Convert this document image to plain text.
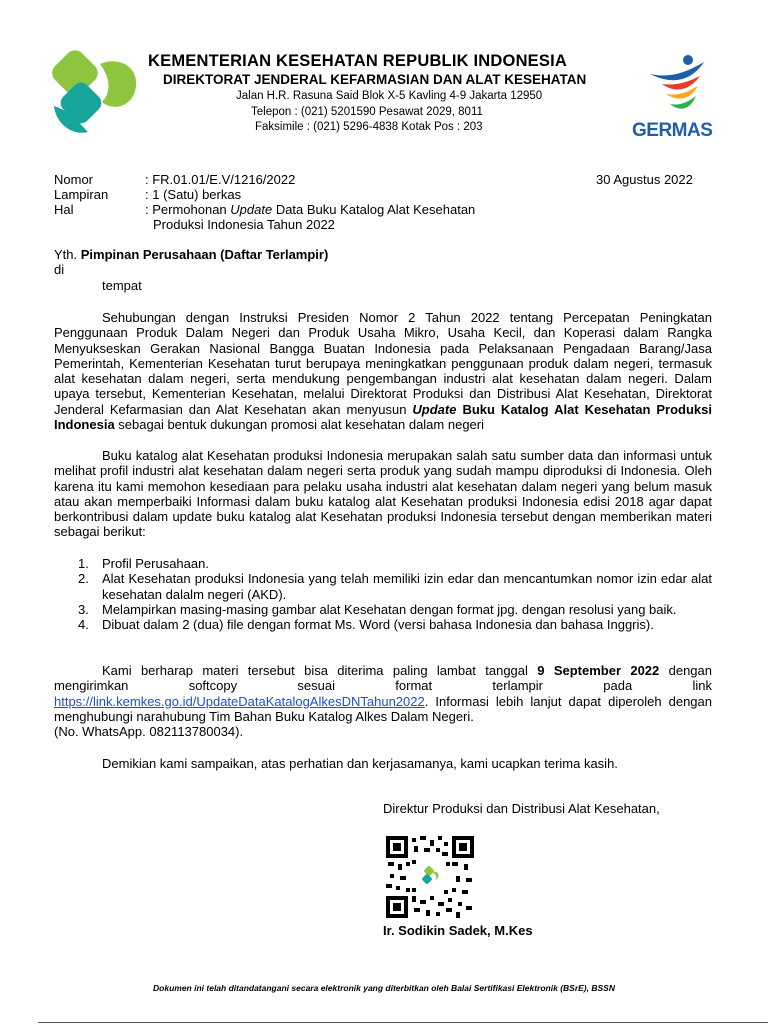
KEMENTERIAN KESEHATAN REPUBLIK INDONESIA
DIREKTORAT JENDERAL KEFARMASIAN DAN ALAT KESEHATAN
Jalan H.R. Rasuna Said Blok X-5 Kavling 4-9 Jakarta 12950
Telepon : (021) 5201590 Pesawat 2029, 8011
Faksimile : (021) 5296-4838 Kotak Pos : 203	GERMAS
Nomor	: FR.01.01/E.V/1216/2022	30 Agustus 2022
Lampiran	: 1 (Satu) berkas
Hal	: Permohonan Update Data Buku Katalog Alat Kesehatan
Produksi Indonesia Tahun 2022
Yth. Pimpinan Perusahaan (Daftar Terlampir)
di
tempat
Sehubungan dengan Instruksi Presiden Nomor 2 Tahun 2022 tentang Percepatan Peningkatan Penggunaan Produk Dalam Negeri dan Produk Usaha Mikro, Usaha Kecil, dan Koperasi dalam Rangka Menyukseskan Gerakan Nasional Bangga Buatan Indonesia pada Pelaksanaan Pengadaan Barang/Jasa Pemerintah, Kementerian Kesehatan turut berupaya meningkatkan penggunaan produk dalam negeri, termasuk alat kesehatan dalam negeri, serta mendukung pengembangan industri alat kesehatan dalam negeri. Dalam upaya tersebut, Kementerian Kesehatan, melalui Direktorat Produksi dan Distribusi Alat Kesehatan, Direktorat Jenderal Kefarmasian dan Alat Kesehatan akan menyusun Update Buku Katalog Alat Kesehatan Produksi Indonesia sebagai bentuk dukungan promosi alat kesehatan dalam negeri
Buku katalog alat Kesehatan produksi Indonesia merupakan salah satu sumber data dan informasi untuk melihat profil industri alat kesehatan dalam negeri serta produk yang sudah mampu diproduksi di Indonesia. Oleh karena itu kami memohon kesediaan para pelaku usaha industri alat kesehatan dalam negeri yang belum masuk atau akan memperbaiki Informasi dalam buku katalog alat Kesehatan produksi Indonesia edisi 2018 agar dapat berkontribusi dalam update buku katalog alat Kesehatan produksi Indonesia tersebut dengan memberikan materi sebagai berikut:
1. Profil Perusahaan.
2. Alat Kesehatan produksi Indonesia yang telah memiliki izin edar dan mencantumkan nomor izin edar alat kesehatan dalalm negeri (AKD).
3. Melampirkan masing-masing gambar alat Kesehatan dengan format jpg. dengan resolusi yang baik.
4. Dibuat dalam 2 (dua) file dengan format Ms. Word (versi bahasa Indonesia dan bahasa Inggris).
Kami berharap materi tersebut bisa diterima paling lambat tanggal 9 September 2022 dengan mengirimkan softcopy sesuai format terlampir pada link https://link.kemkes.go.id/UpdateDataKatalogAlkesDNTahun2022. Informasi lebih lanjut dapat diperoleh dengan menghubungi narahubung Tim Bahan Buku Katalog Alkes Dalam Negeri.
(No. WhatsApp. 082113780034).
Demikian kami sampaikan, atas perhatian dan kerjasamanya, kami ucapkan terima kasih.
Direktur Produksi dan Distribusi Alat Kesehatan,
Ir. Sodikin Sadek, M.Kes
Dokumen ini telah ditandatangani secara elektronik yang diterbitkan oleh Balai Sertifikasi Elektronik (BSrE), BSSN
